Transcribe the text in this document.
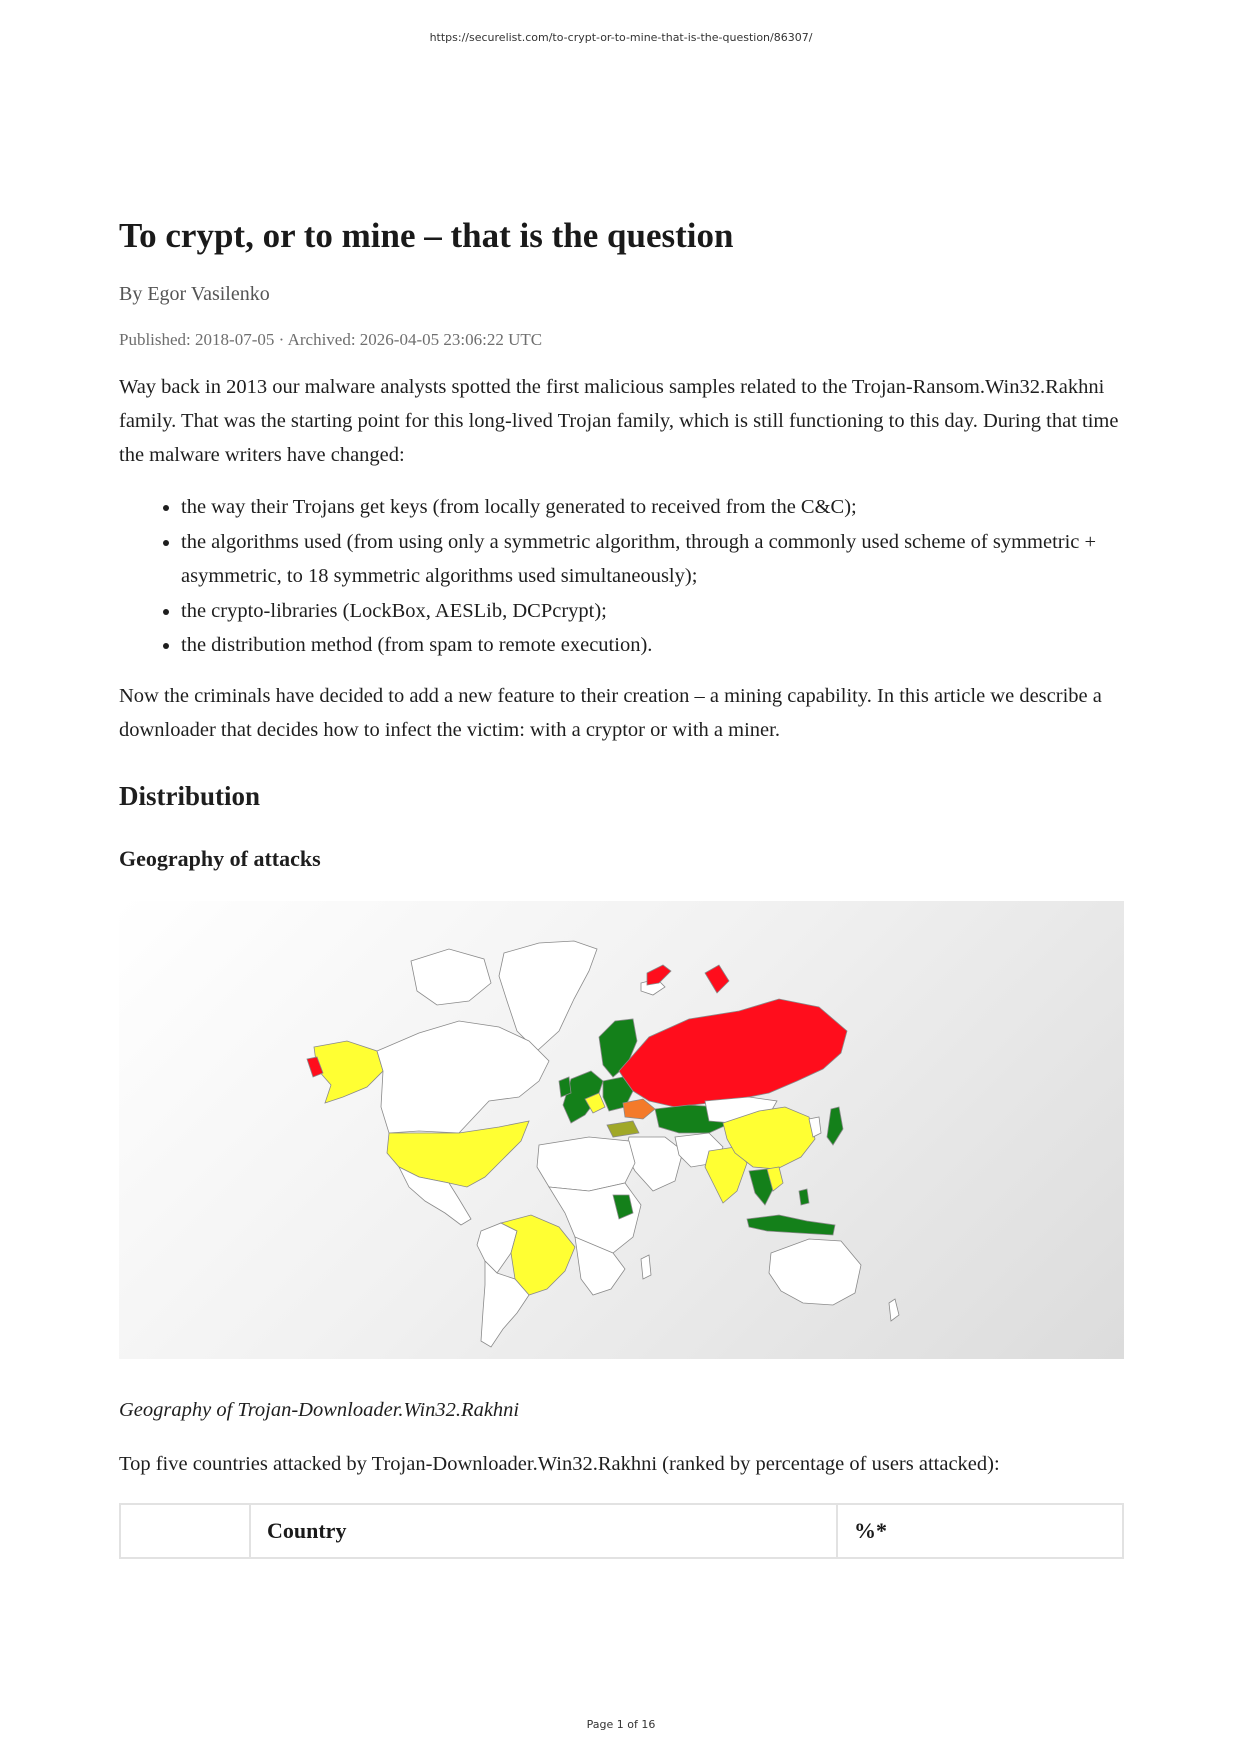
https://securelist.com/to-crypt-or-to-mine-that-is-the-question/86307/
To crypt, or to mine – that is the question
By Egor Vasilenko
Published: 2018-07-05 · Archived: 2026-04-05 23:06:22 UTC

Way back in 2013 our malware analysts spotted the first malicious samples related to the Trojan-Ransom.Win32.Rakhni family. That was the starting point for this long-lived Trojan family, which is still functioning to this day. During that time the malware writers have changed:

• the way their Trojans get keys (from locally generated to received from the C&C);
• the algorithms used (from using only a symmetric algorithm, through a commonly used scheme of symmetric + asymmetric, to 18 symmetric algorithms used simultaneously);
• the crypto-libraries (LockBox, AESLib, DCPcrypt);
• the distribution method (from spam to remote execution).

Now the criminals have decided to add a new feature to their creation – a mining capability. In this article we describe a downloader that decides how to infect the victim: with a cryptor or with a miner.

Distribution
Geography of attacks

Geography of Trojan-Downloader.Win32.Rakhni

Top five countries attacked by Trojan-Downloader.Win32.Rakhni (ranked by percentage of users attacked):

	Country	%*
Page 1 of 16
